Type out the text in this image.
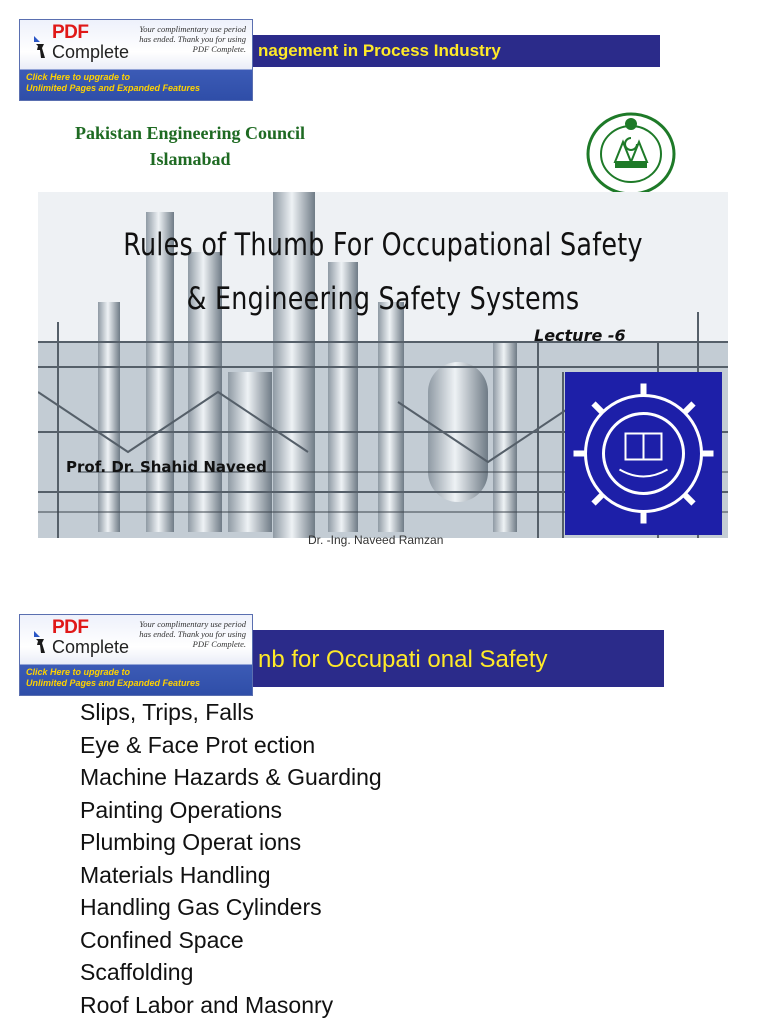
nagement in Process Industry
PDF
Complete
Your complimentary use period has ended. Thank you for using PDF Complete.
Click Here to upgrade to
Unlimited Pages and Expanded Features
Pakistan Engineering Council
Islamabad
Rules of Thumb For Occupational Safety
& Engineering Safety Systems
Lecture -6
Prof. Dr. Shahid Naveed
Dr. -Ing. Naveed Ramzan
nb for Occupati onal Safety
PDF
Complete
Your complimentary use period has ended. Thank you for using PDF Complete.
Click Here to upgrade to
Unlimited Pages and Expanded Features
Slips, Trips, Falls
Eye & Face Prot ection
Machine Hazards & Guarding
Painting Operations
Plumbing Operat ions
Materials Handling
Handling Gas Cylinders
Confined Space
Scaffolding
Roof Labor and Masonry
